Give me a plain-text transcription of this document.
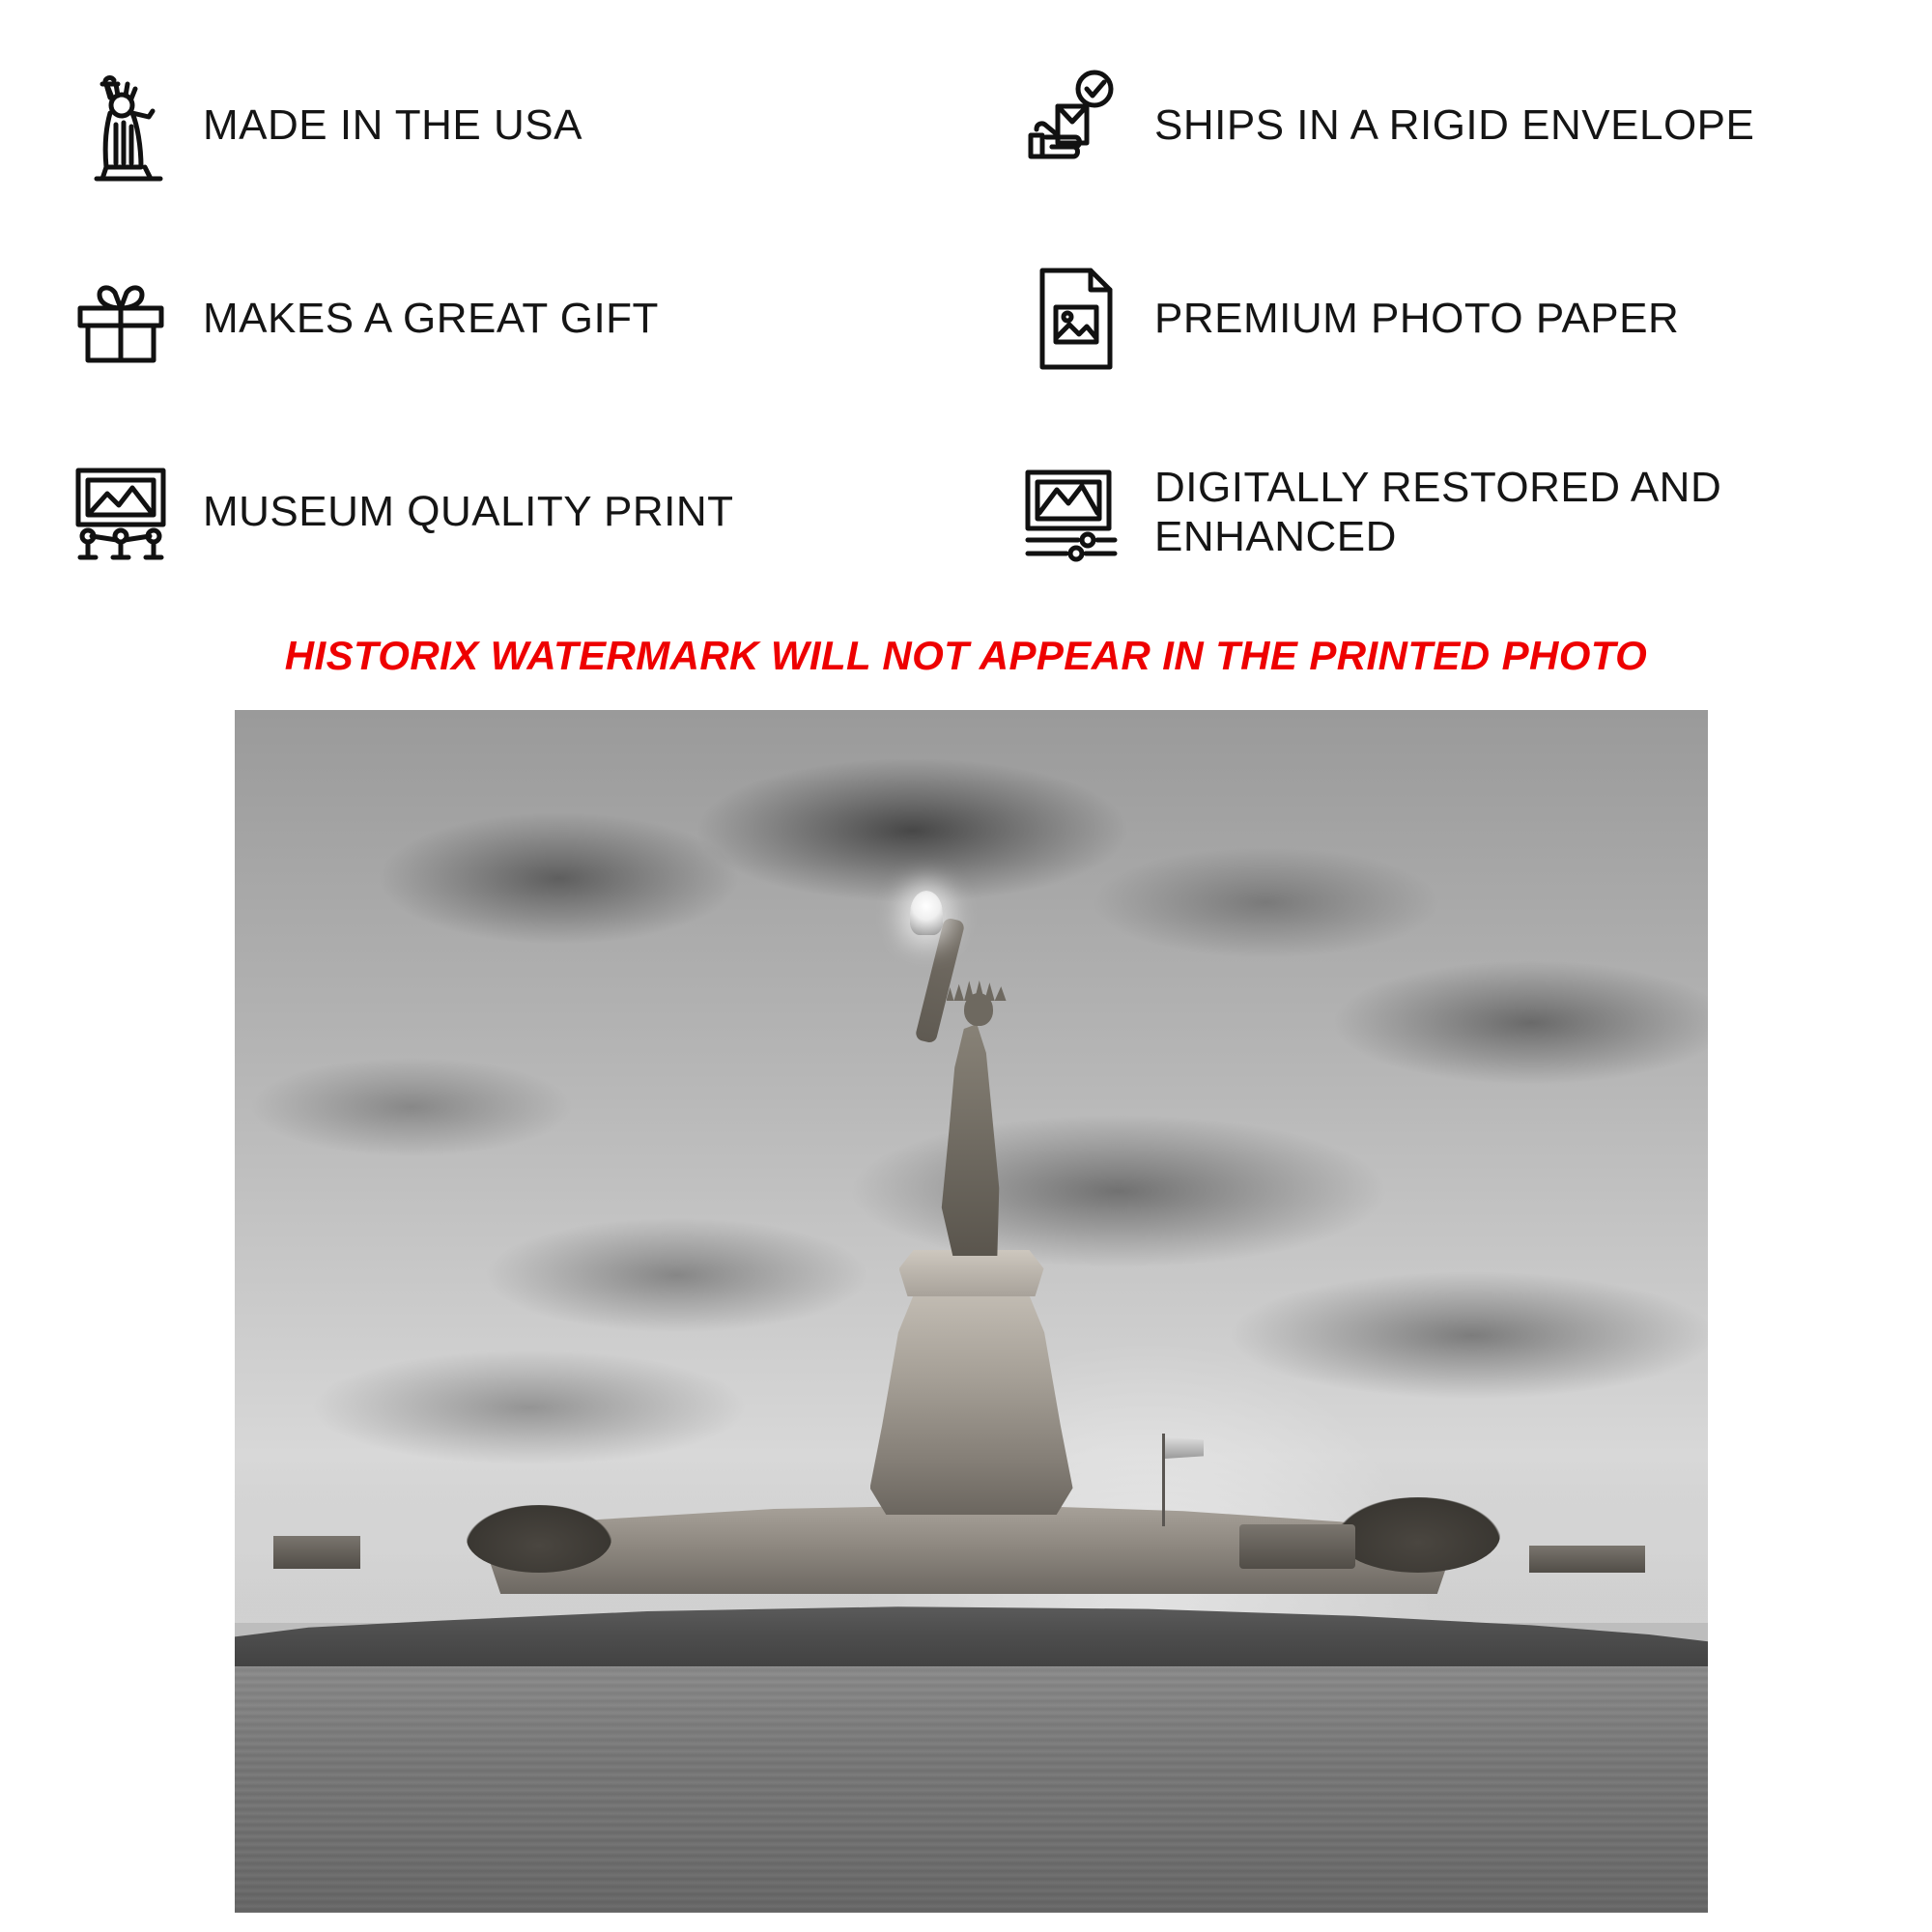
MADE IN THE USA	SHIPS IN A RIGID ENVELOPE
MAKES A GREAT GIFT	PREMIUM PHOTO PAPER
MUSEUM QUALITY PRINT
DIGITALLY RESTORED AND ENHANCED
HISTORIX WATERMARK WILL NOT APPEAR IN THE PRINTED PHOTO
